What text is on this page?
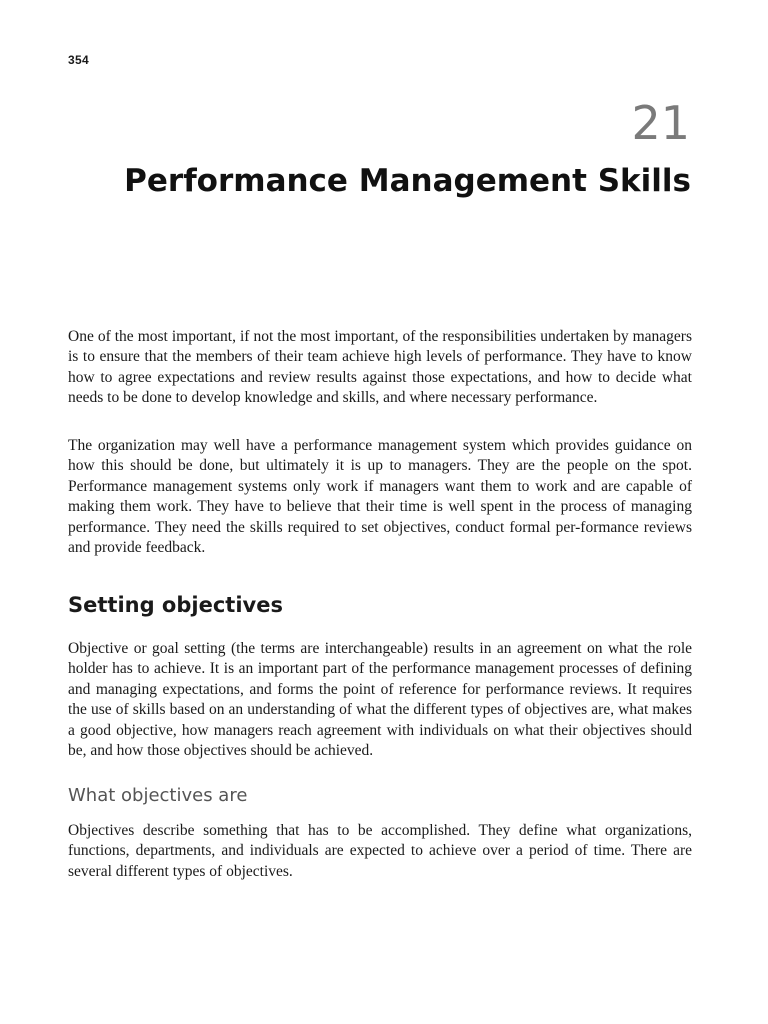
354
21
Performance Management Skills

One of the most important, if not the most important, of the responsibilities undertaken by managers is to ensure that the members of their team achieve high levels of performance. They have to know how to agree expectations and review results against those expectations, and how to decide what needs to be done to develop knowledge and skills, and where necessary performance.

The organization may well have a performance management system which provides guidance on how this should be done, but ultimately it is up to managers. They are the people on the spot. Performance management systems only work if managers want them to work and are capable of making them work. They have to believe that their time is well spent in the process of managing performance. They need the skills required to set objectives, conduct formal per-formance reviews and provide feedback.

Setting objectives

Objective or goal setting (the terms are interchangeable) results in an agreement on what the role holder has to achieve. It is an important part of the performance management processes of defining and managing expectations, and forms the point of reference for performance reviews. It requires the use of skills based on an understanding of what the different types of objectives are, what makes a good objective, how managers reach agreement with individuals on what their objectives should be, and how those objectives should be achieved.

What objectives are

Objectives describe something that has to be accomplished. They define what organizations, functions, departments, and individuals are expected to achieve over a period of time. There are several different types of objectives.
